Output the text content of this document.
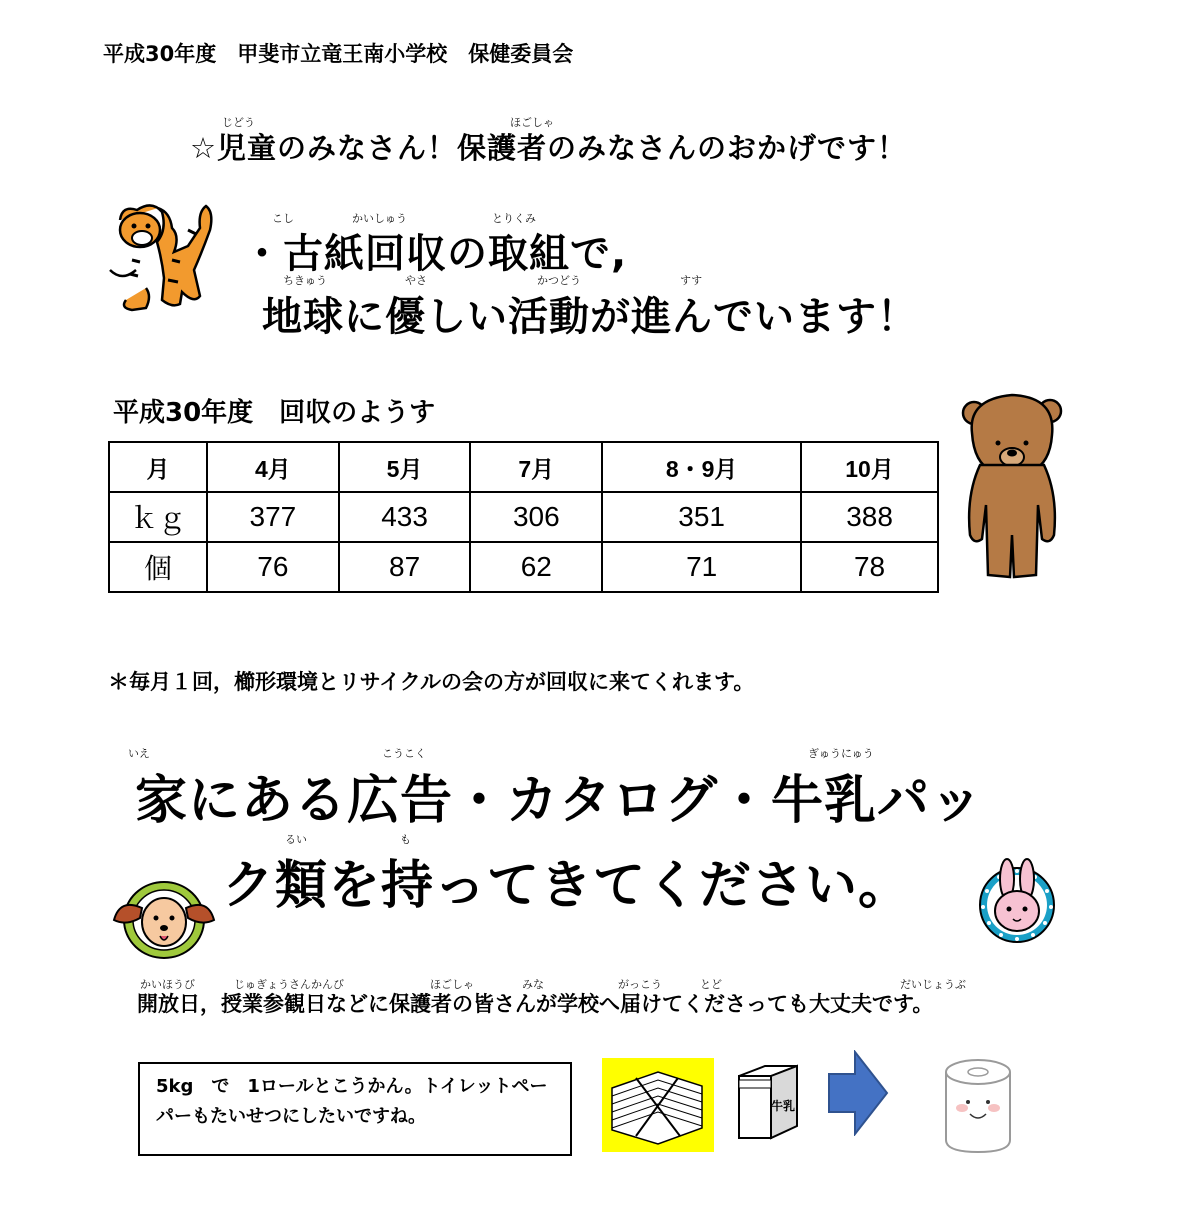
平成30年度　甲斐市立竜王南小学校　保健委員会
じどう	ほごしゃ
☆児童のみなさん！保護者のみなさんのおかげです！
こし	かいしゅう	とりくみ
・古紙回収の取組で,
ちきゅう	やさ	かつどう	すす
地球に優しい活動が進んでいます！
平成30年度　回収のようす
月	4月	5月	7月	8・9月	10月
ｋｇ	377	433	306	351	388
個	76	87	62	71	78
＊毎月１回，櫛形環境とリサイクルの会の方が回収に来てくれます。
いえ	こうこく	ぎゅうにゅう
家にある広告・カタログ・牛乳パッ
るい	も
ク類を持ってきてください。
かいほうび	じゅぎょうさんかんび	ほごしゃ	みな	がっこう	とど	だいじょうぶ
開放日，授業参観日などに保護者の皆さんが学校へ届けてくださっても大丈夫です。
5kg　で　1ロールとこうかん。トイレットペーパーもたいせつにしたいですね。	牛乳
